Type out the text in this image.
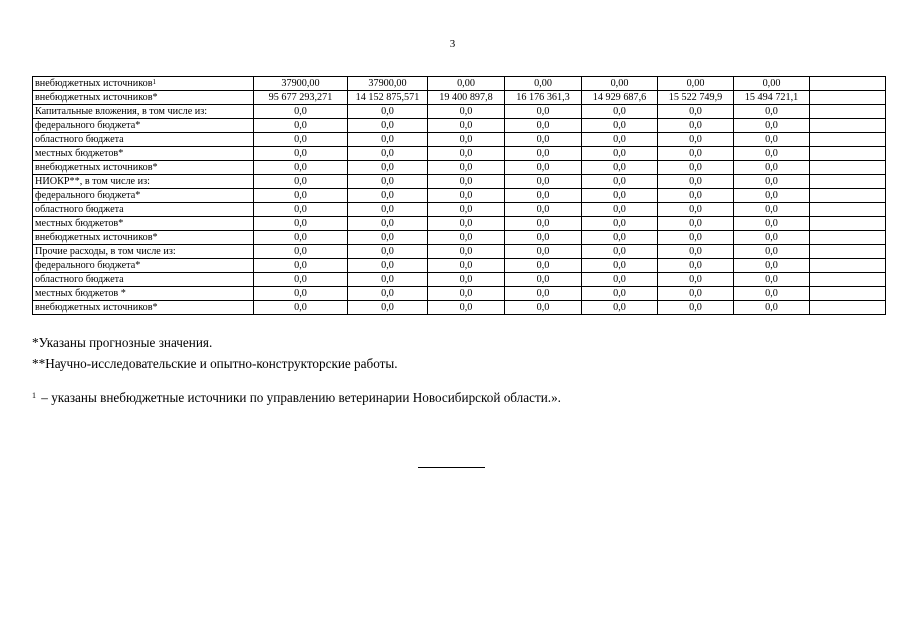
3
внебюджетных источников$^1$	37900,00	37900,00	0,00	0,00	0,00	0,00	0,00	
внебюджетных источников*	95 677 293,271	14 152 875,571	19 400 897,8	16 176 361,3	14 929 687,6	15 522 749,9	15 494 721,1	
Капитальные вложения, в том числе из:	0,0	0,0	0,0	0,0	0,0	0,0	0,0	
федерального бюджета*	0,0	0,0	0,0	0,0	0,0	0,0	0,0	
областного бюджета	0,0	0,0	0,0	0,0	0,0	0,0	0,0	
местных бюджетов*	0,0	0,0	0,0	0,0	0,0	0,0	0,0	
внебюджетных источников*	0,0	0,0	0,0	0,0	0,0	0,0	0,0	
НИОКР**, в том числе из:	0,0	0,0	0,0	0,0	0,0	0,0	0,0	
федерального бюджета*	0,0	0,0	0,0	0,0	0,0	0,0	0,0	
областного бюджета	0,0	0,0	0,0	0,0	0,0	0,0	0,0	
местных бюджетов*	0,0	0,0	0,0	0,0	0,0	0,0	0,0	
внебюджетных источников*	0,0	0,0	0,0	0,0	0,0	0,0	0,0	
Прочие расходы, в том числе из:	0,0	0,0	0,0	0,0	0,0	0,0	0,0	
федерального бюджета*	0,0	0,0	0,0	0,0	0,0	0,0	0,0	
областного бюджета	0,0	0,0	0,0	0,0	0,0	0,0	0,0	
местных бюджетов *	0,0	0,0	0,0	0,0	0,0	0,0	0,0	
внебюджетных источников*	0,0	0,0	0,0	0,0	0,0	0,0	0,0	

*Указаны прогнозные значения.

**Научно-исследовательские и опытно-конструкторские работы.

$^1$ – указаны внебюджетные источники по управлению ветеринарии Новосибирской области.».
